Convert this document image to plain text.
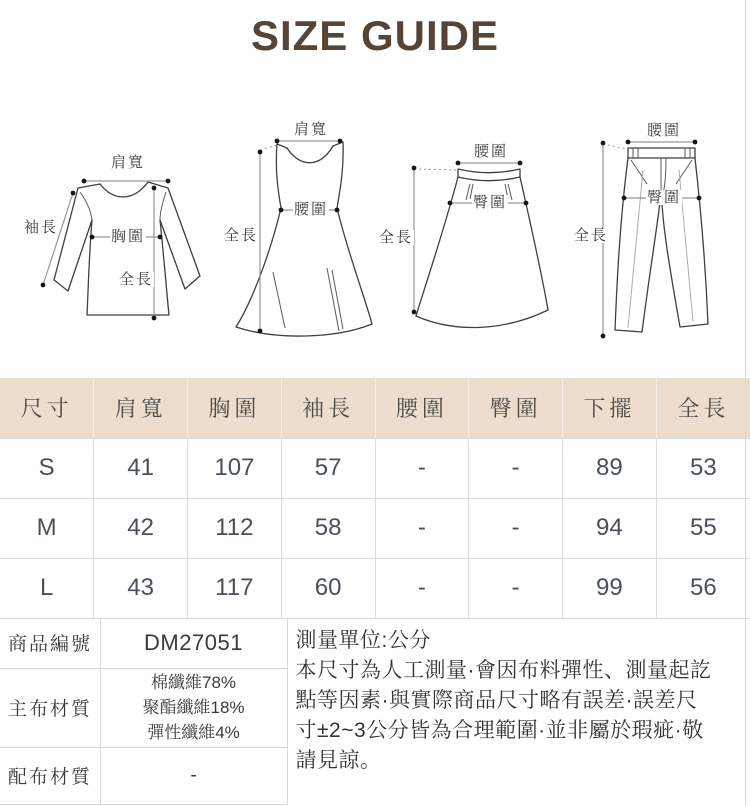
SIZE GUIDE
肩寬
袖長
胸圍
全長
肩寬
腰圍
全長
腰圍
臀圍
全長
腰圍
臀圍
全長
尺寸	肩寬	胸圍	袖長	腰圍	臀圍	下擺	全長
S	41	107	57	-	-	89	53
M	42	112	58	-	-	94	55
L	43	117	60	-	-	99	56
商品編號	DM27051	測量單位:公分
本尺寸為人工測量·會因布料彈性、測量起訖
點等因素·與實際商品尺寸略有誤差·誤差尺
寸±2~3公分皆為合理範圍·並非屬於瑕疵·敬
請見諒。

主布材質	棉纖維78%
聚酯纖維18%
彈性纖維4%	

配布材質	-	
